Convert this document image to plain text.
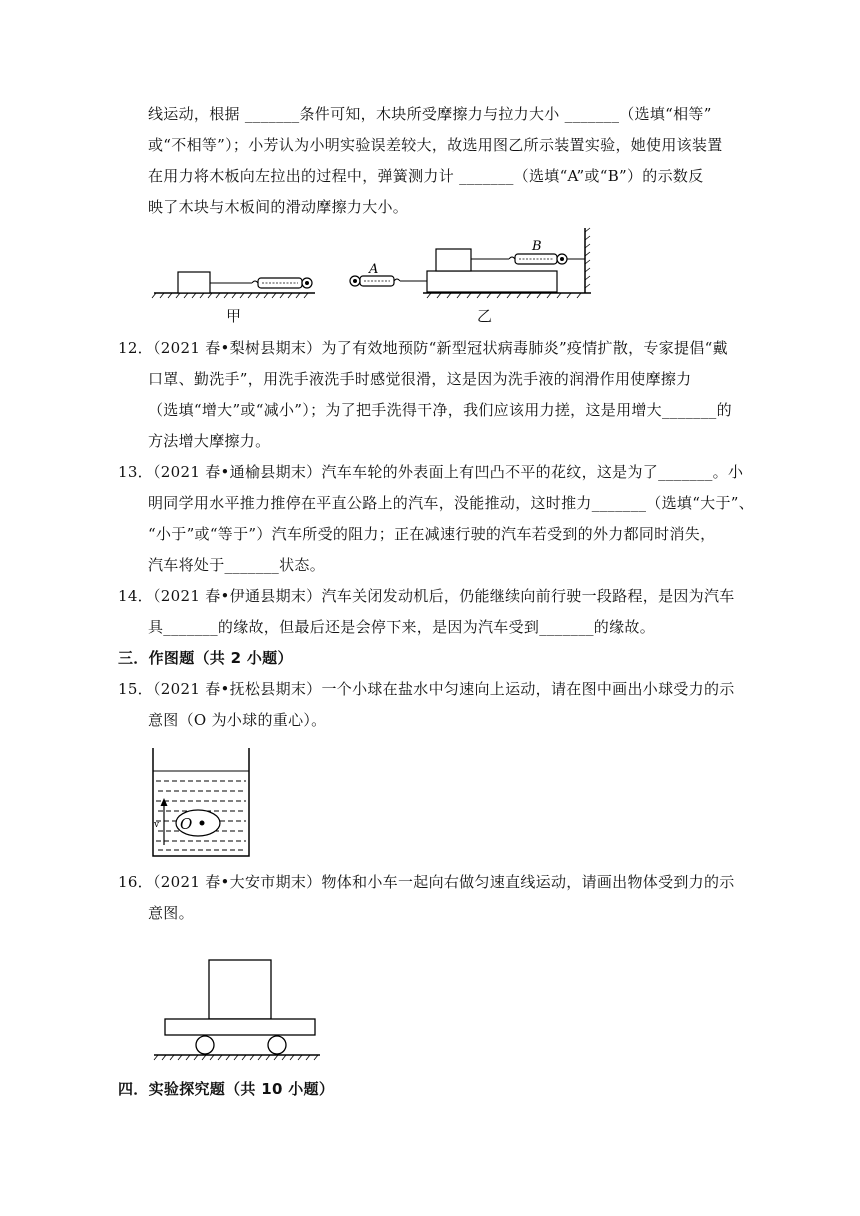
线运动，根据 _______条件可知，木块所受摩擦力与拉力大小 _______（选填“相等”
或“不相等”）；小芳认为小明实验误差较大，故选用图乙所示装置实验，她使用该装置
在用力将木板向左拉出的过程中，弹簧测力计 _______（选填“A”或“B”）的示数反
映了木块与木板间的滑动摩擦力大小。
甲
B
A
乙
12．（2021 春•梨树县期末）为了有效地预防“新型冠状病毒肺炎”疫情扩散，专家提倡“戴
口罩、勤洗手”，用洗手液洗手时感觉很滑，这是因为洗手液的润滑作用使摩擦力
（选填“增大”或“减小”）；为了把手洗得干净，我们应该用力搓，这是用增大_______的
方法增大摩擦力。
13．（2021 春•通榆县期末）汽车车轮的外表面上有凹凸不平的花纹，这是为了_______。小
明同学用水平推力推停在平直公路上的汽车，没能推动，这时推力_______（选填“大于”、
“小于”或“等于”）汽车所受的阻力；正在减速行驶的汽车若受到的外力都同时消失，
汽车将处于_______状态。
14．（2021 春•伊通县期末）汽车关闭发动机后，仍能继续向前行驶一段路程，是因为汽车
具_______的缘故，但最后还是会停下来，是因为汽车受到_______的缘故。
三．作图题（共 2 小题）
15．（2021 春•抚松县期末）一个小球在盐水中匀速向上运动，请在图中画出小球受力的示
意图（O 为小球的重心）。
O
v
16．（2021 春•大安市期末）物体和小车一起向右做匀速直线运动，请画出物体受到力的示
意图。
四．实验探究题（共 10 小题）
